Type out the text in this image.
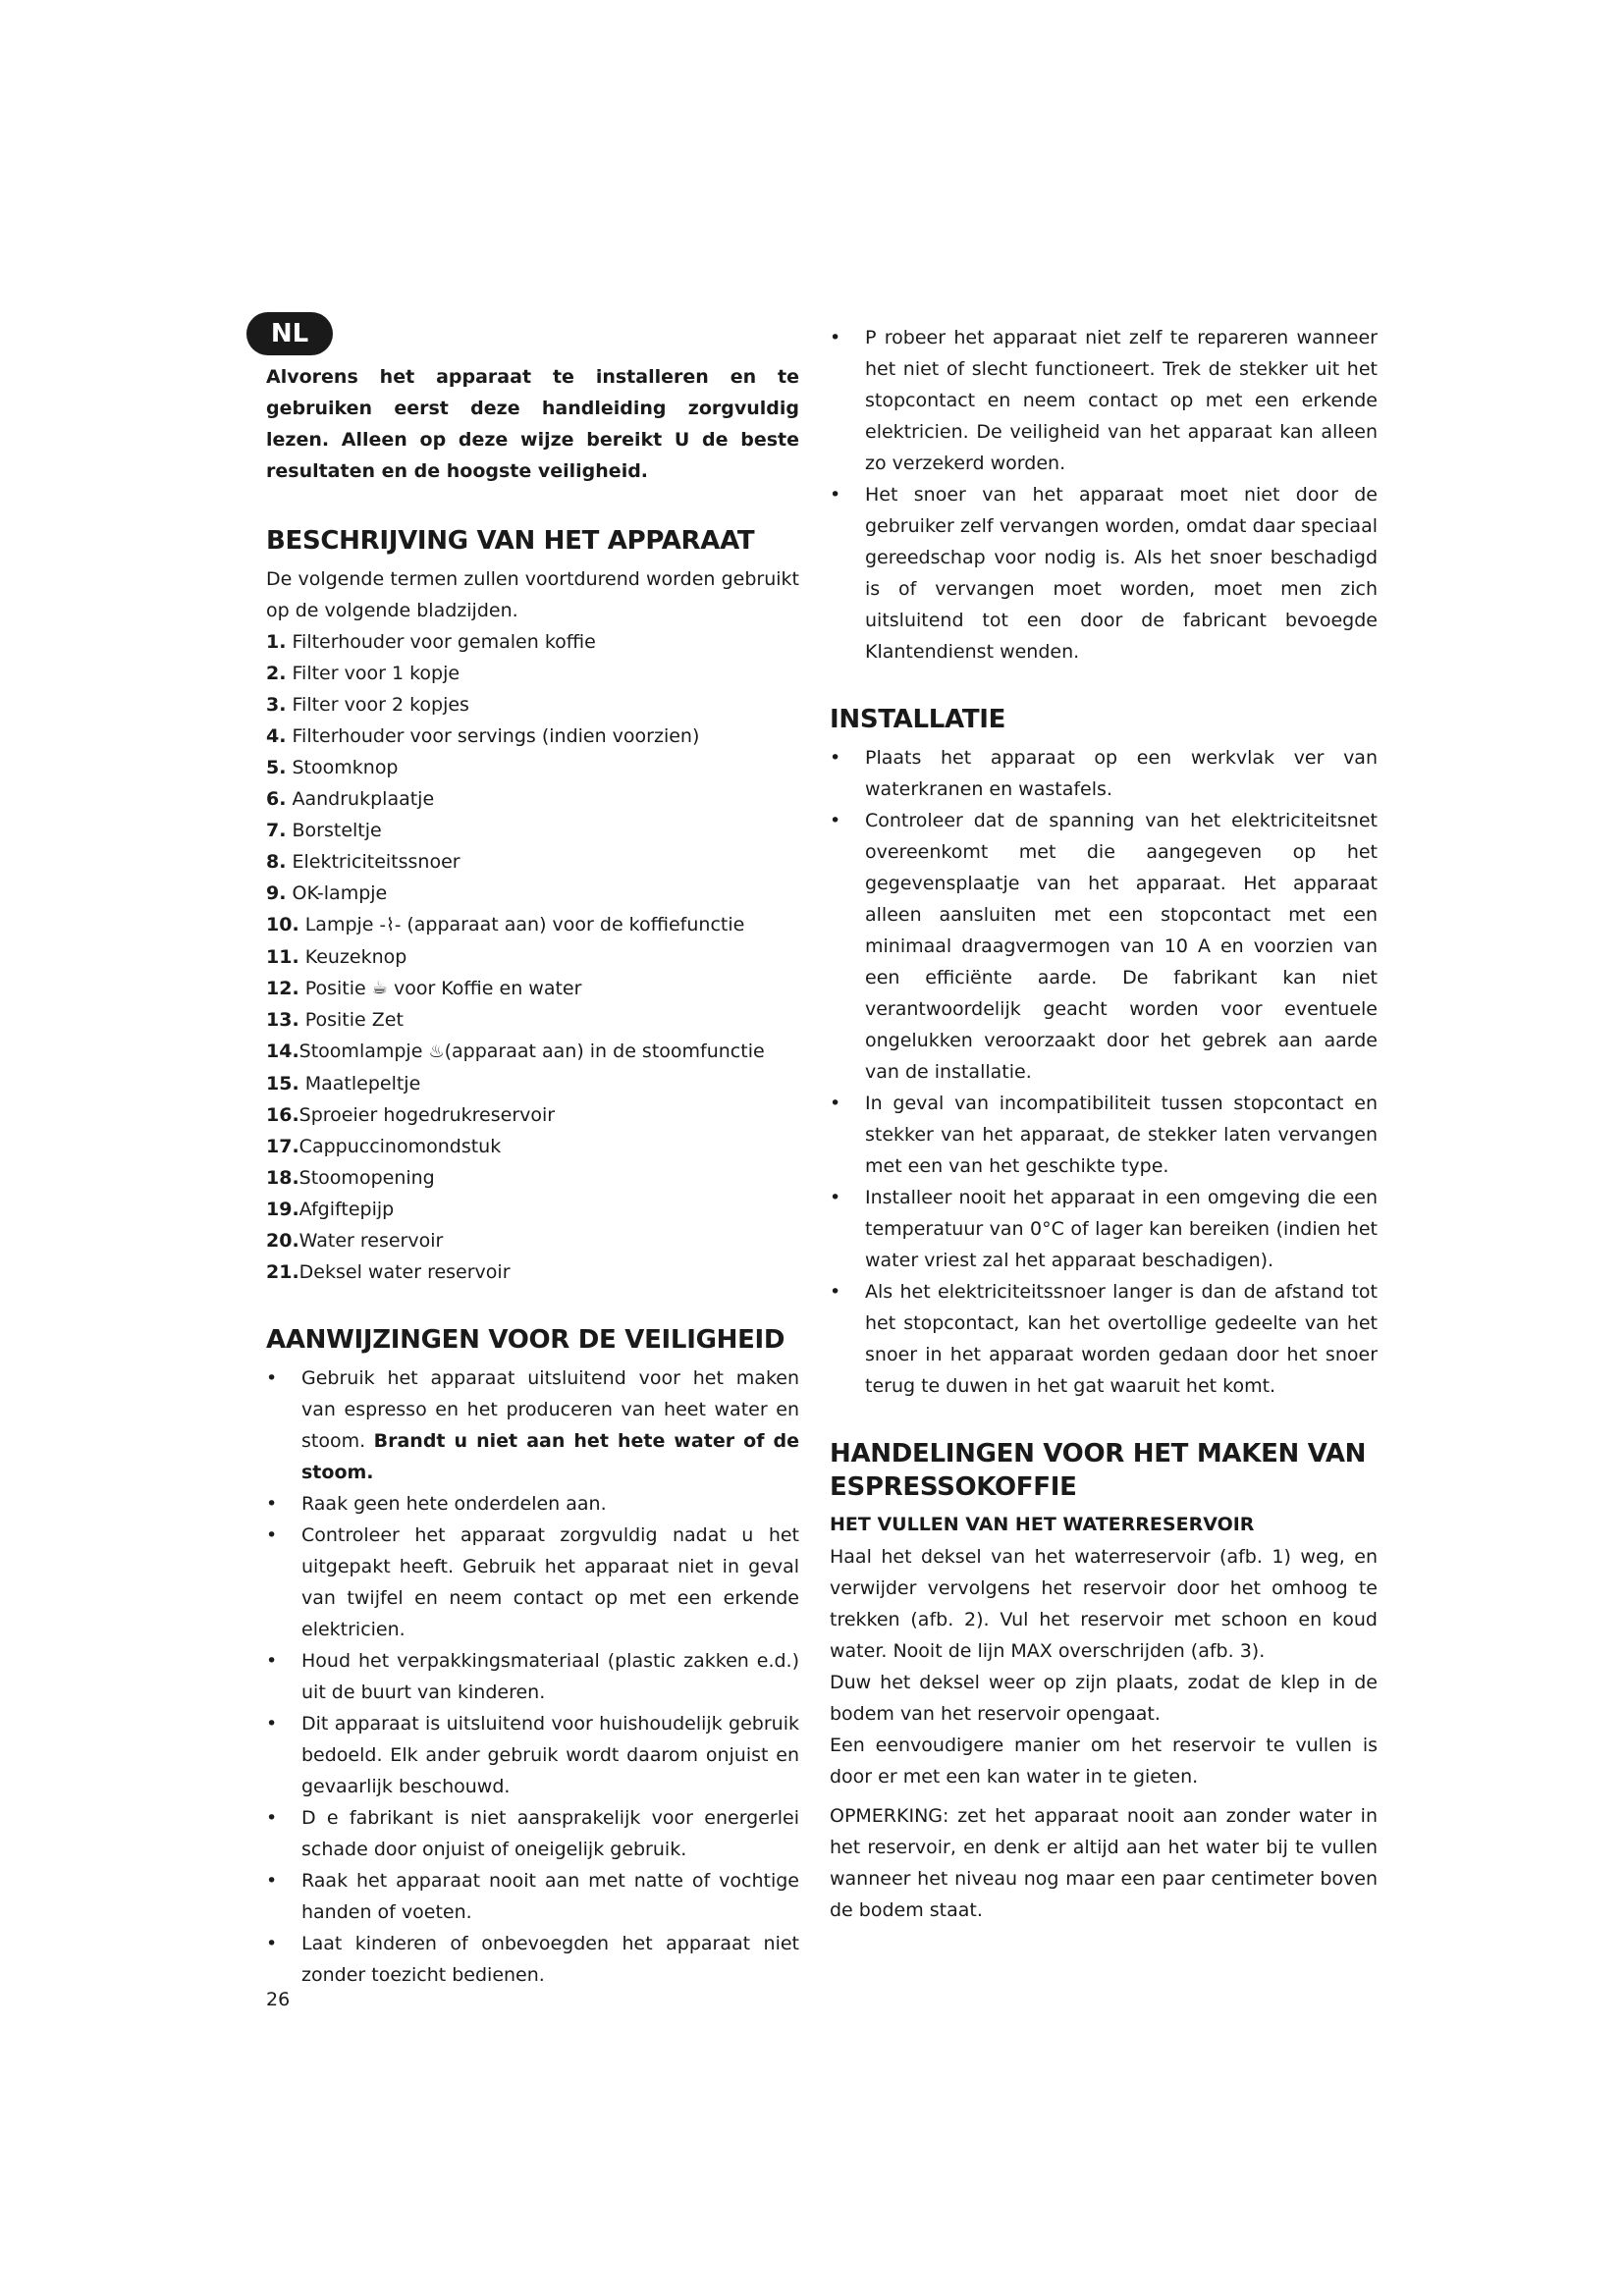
NL

Alvorens het apparaat te installeren en te gebruiken eerst deze handleiding zorgvuldig lezen. Alleen op deze wijze bereikt U de beste resultaten en de hoogste veiligheid.

BESCHRIJVING VAN HET APPARAAT

De volgende termen zullen voortdurend worden gebruikt op de volgende bladzijden.

1. Filterhouder voor gemalen koffie
2. Filter voor 1 kopje
3. Filter voor 2 kopjes
4. Filterhouder voor servings (indien voorzien)
5. Stoomknop
6. Aandrukplaatje
7. Borsteltje
8. Elektriciteitssnoer
9. OK-lampje
10. Lampje -⌇- (apparaat aan) voor de koffiefunctie
11. Keuzeknop
12. Positie ☕ voor Koffie en water
13. Positie Zet
14.Stoomlampje ♨(apparaat aan) in de stoomfunctie
15. Maatlepeltje
16.Sproeier hogedrukreservoir
17.Cappuccinomondstuk
18.Stoomopening
19.Afgiftepijp
20.Water reservoir
21.Deksel water reservoir
AANWIJZINGEN VOOR DE VEILIGHEID
• Gebruik het apparaat uitsluitend voor het maken van espresso en het produceren van heet water en stoom. Brandt u niet aan het hete water of de stoom.
• Raak geen hete onderdelen aan.
• Controleer het apparaat zorgvuldig nadat u het uitgepakt heeft. Gebruik het apparaat niet in geval van twijfel en neem contact op met een erkende elektricien.
• Houd het verpakkingsmateriaal (plastic zakken e.d.) uit de buurt van kinderen.
• Dit apparaat is uitsluitend voor huishoudelijk gebruik bedoeld. Elk ander gebruik wordt daarom onjuist en gevaarlijk beschouwd.
• D e fabrikant is niet aansprakelijk voor energerlei schade door onjuist of oneigelijk gebruik.
• Raak het apparaat nooit aan met natte of vochtige handen of voeten.
• Laat kinderen of onbevoegden het apparaat niet zonder toezicht bedienen.
• P robeer het apparaat niet zelf te repareren wanneer het niet of slecht functioneert. Trek de stekker uit het stopcontact en neem contact op met een erkende elektricien. De veiligheid van het apparaat kan alleen zo verzekerd worden.
• Het snoer van het apparaat moet niet door de gebruiker zelf vervangen worden, omdat daar speciaal gereedschap voor nodig is. Als het snoer beschadigd is of vervangen moet worden, moet men zich uitsluitend tot een door de fabricant bevoegde Klantendienst wenden.
INSTALLATIE
• Plaats het apparaat op een werkvlak ver van waterkranen en wastafels.
• Controleer dat de spanning van het elektriciteitsnet overeenkomt met die aangegeven op het gegevensplaatje van het apparaat. Het apparaat alleen aansluiten met een stopcontact met een minimaal draagvermogen van 10 A en voorzien van een efficiënte aarde. De fabrikant kan niet verantwoordelijk geacht worden voor eventuele ongelukken veroorzaakt door het gebrek aan aarde van de installatie.
• In geval van incompatibiliteit tussen stopcontact en stekker van het apparaat, de stekker laten vervangen met een van het geschikte type.
• Installeer nooit het apparaat in een omgeving die een temperatuur van 0°C of lager kan bereiken (indien het water vriest zal het apparaat beschadigen).
• Als het elektriciteitssnoer langer is dan de afstand tot het stopcontact, kan het overtollige gedeelte van het snoer in het apparaat worden gedaan door het snoer terug te duwen in het gat waaruit het komt.
HANDELINGEN VOOR HET MAKEN VAN ESPRESSOKOFFIE
HET VULLEN VAN HET WATERRESERVOIR

Haal het deksel van het waterreservoir (afb. 1) weg, en verwijder vervolgens het reservoir door het omhoog te trekken (afb. 2). Vul het reservoir met schoon en koud water. Nooit de lijn MAX overschrijden (afb. 3).

Duw het deksel weer op zijn plaats, zodat de klep in de bodem van het reservoir opengaat.

Een eenvoudigere manier om het reservoir te vullen is door er met een kan water in te gieten.

OPMERKING: zet het apparaat nooit aan zonder water in het reservoir, en denk er altijd aan het water bij te vullen wanneer het niveau nog maar een paar centimeter boven de bodem staat.

26
